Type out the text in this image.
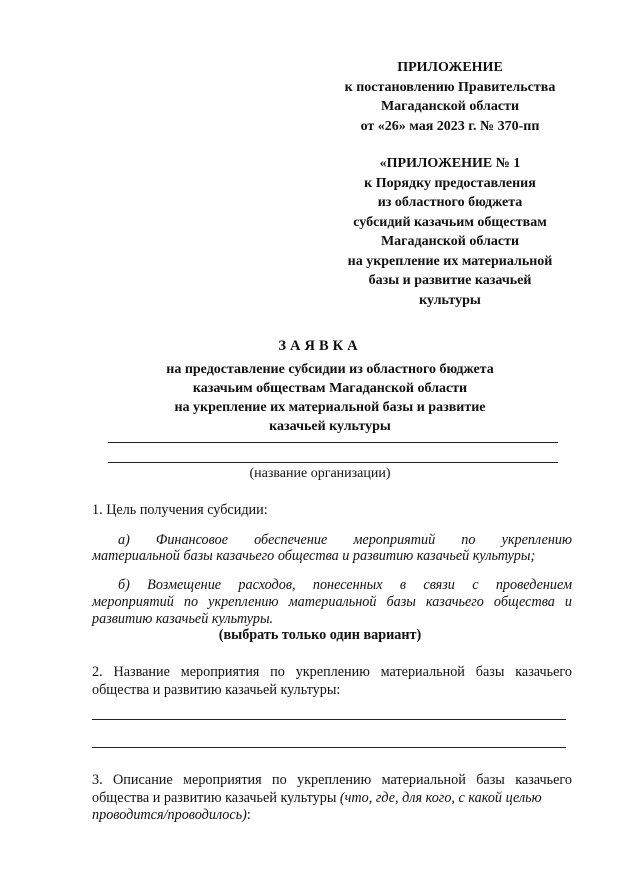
ПРИЛОЖЕНИЕ
к постановлению Правительства
Магаданской области
от «26» мая 2023 г. № 370-пп
«ПРИЛОЖЕНИЕ № 1
к Порядку предоставления
из областного бюджета
субсидий казачьим обществам
Магаданской области
на укрепление их материальной
базы и развитие казачьей
культуры
ЗАЯВКА
на предоставление субсидии из областного бюджета
казачьим обществам Магаданской области
на укрепление их материальной базы и развитие
казачьей культуры
(название организации)
1. Цель получения субсидии:
а) Финансовое обеспечение мероприятий по укреплению
материальной базы казачьего общества и развитию казачьей культуры;
б) Возмещение расходов, понесенных в связи с проведением
мероприятий по укреплению материальной базы казачьего общества и
развитию казачьей культуры.
(выбрать только один вариант)
2. Название мероприятия по укреплению материальной базы казачьего
общества и развитию казачьей культуры:
3. Описание мероприятия по укреплению материальной базы казачьего
общества и развитию казачьей культуры (что, где, для кого, с какой целью
проводится/проводилось):
